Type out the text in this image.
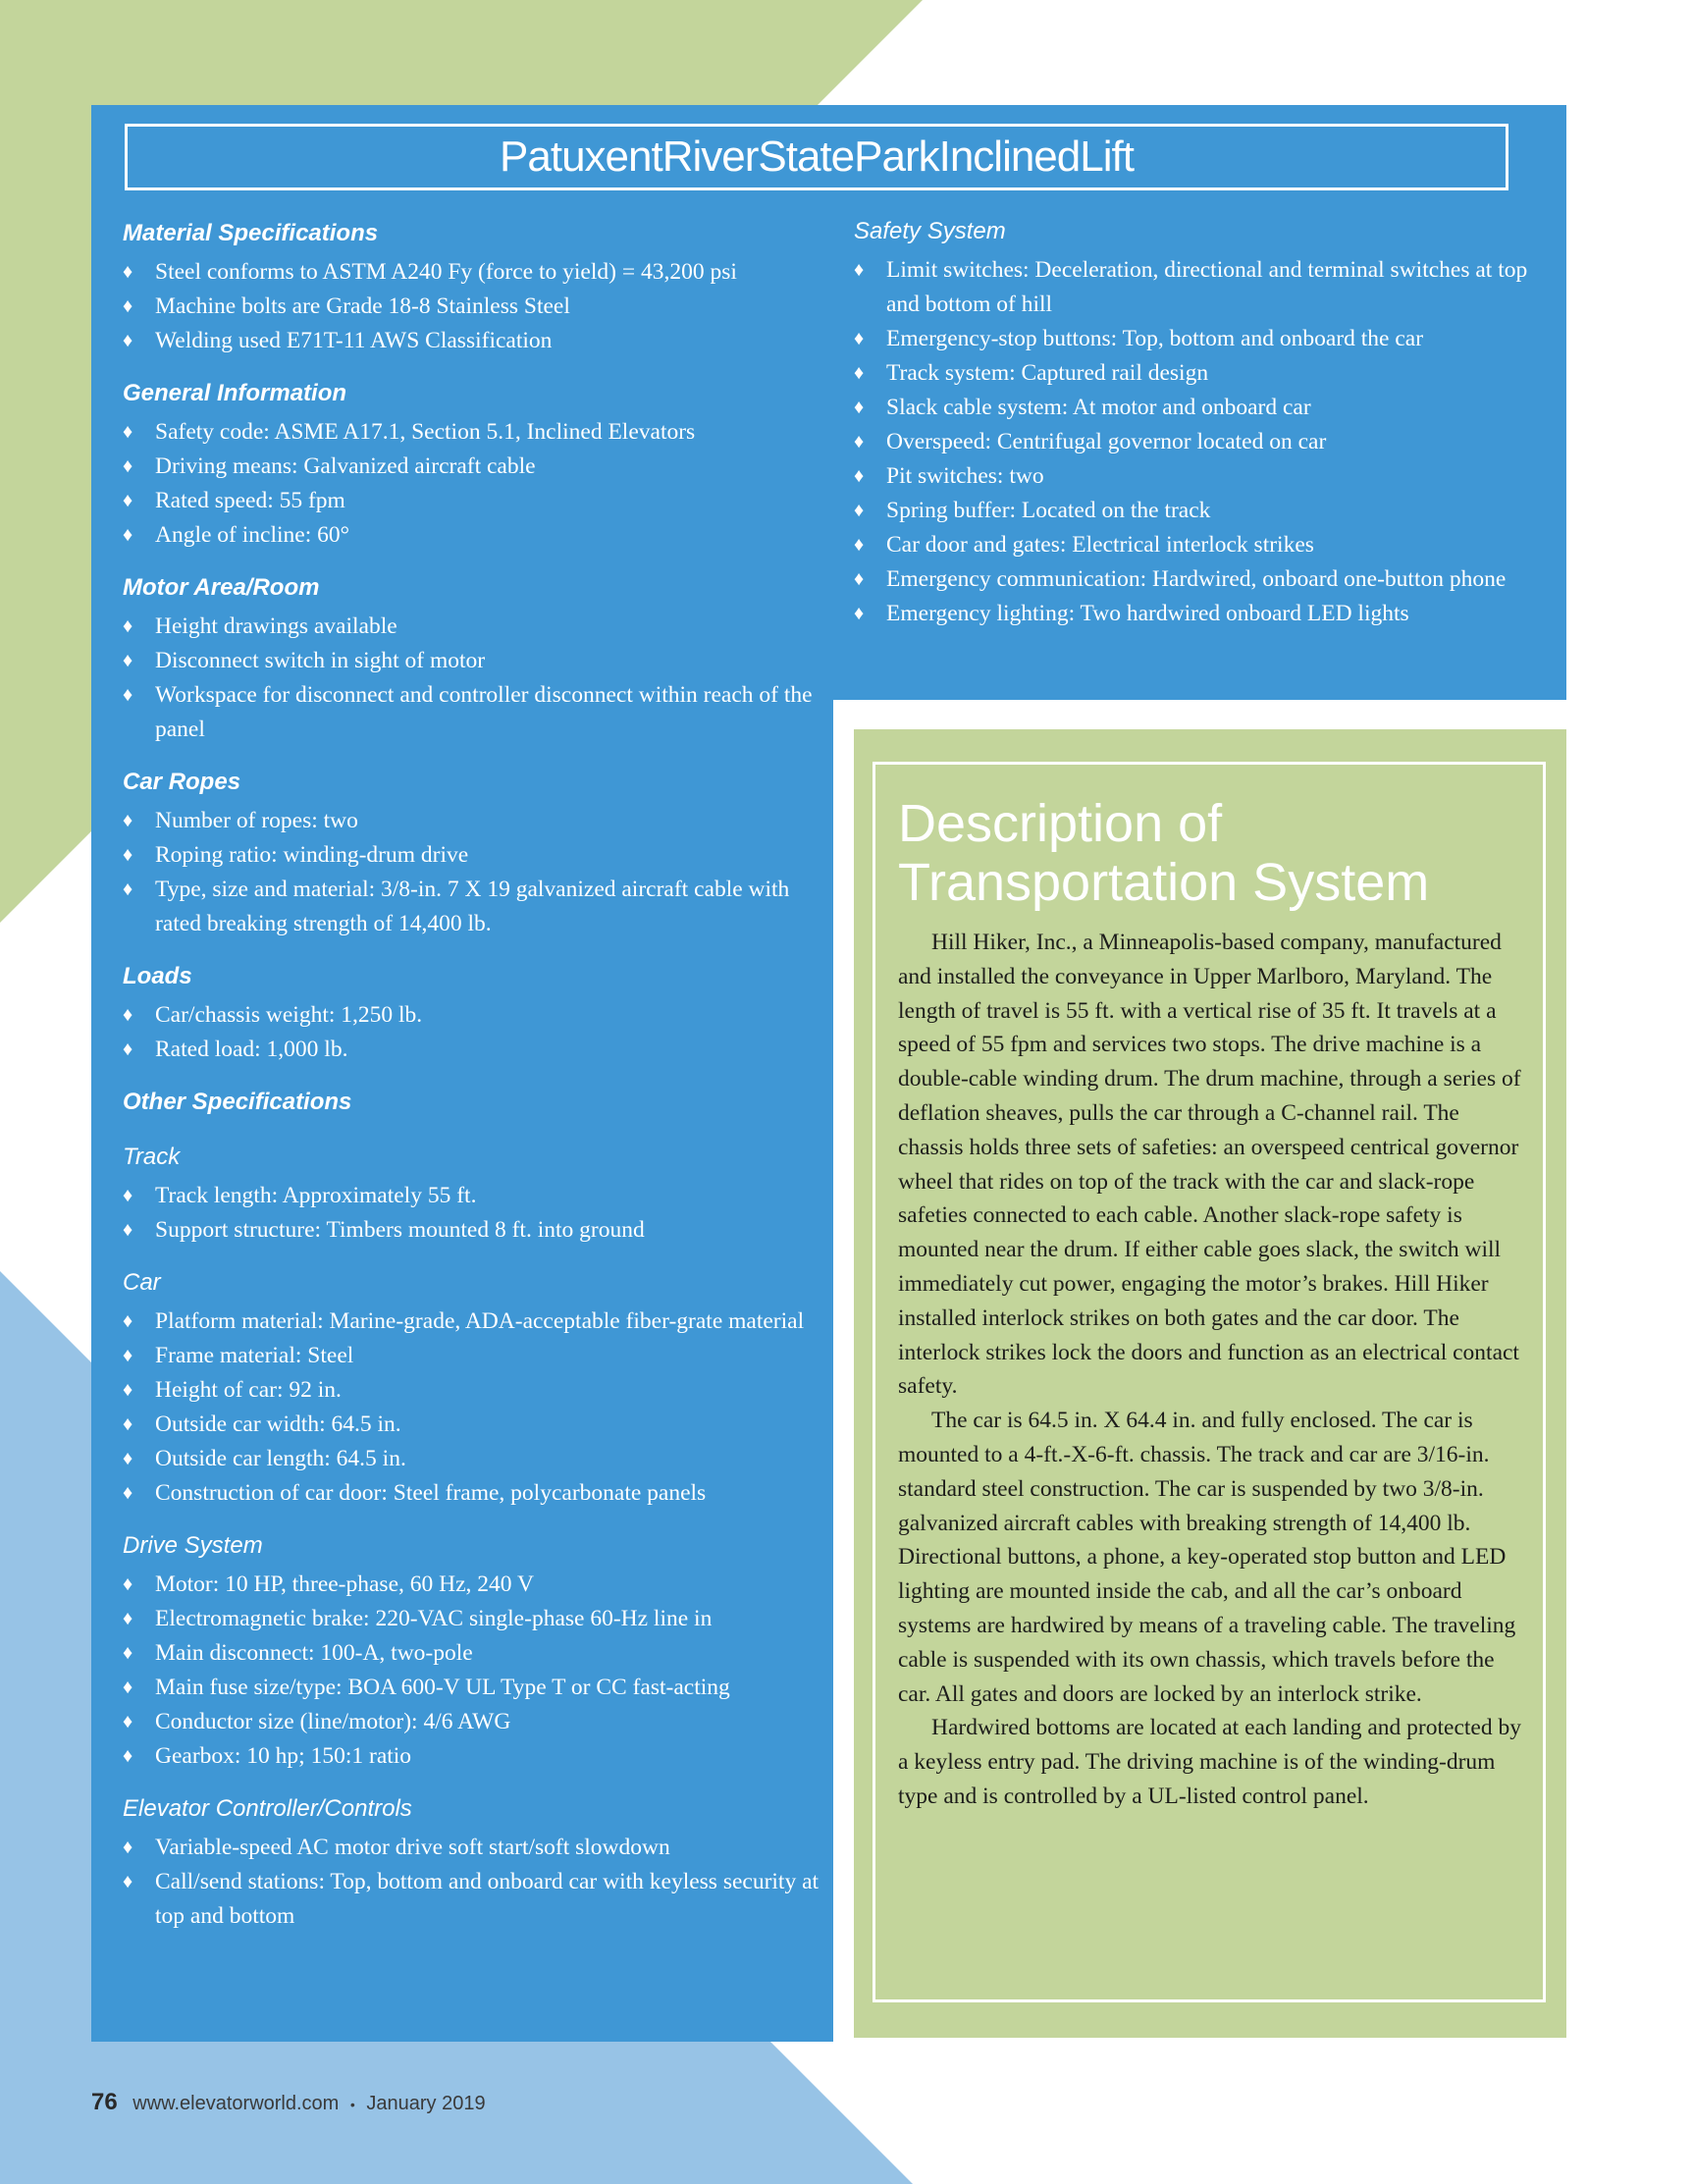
PatuxentRiverStateParkInclinedLift
Material Specifications
♦ Steel conforms to ASTM A240 Fy (force to yield) = 43,200 psi
♦ Machine bolts are Grade 18-8 Stainless Steel
♦ Welding used E71T-11 AWS Classification
General Information
♦ Safety code: ASME A17.1, Section 5.1, Inclined Elevators
♦ Driving means: Galvanized aircraft cable
♦ Rated speed: 55 fpm
♦ Angle of incline: 60°
Motor Area/Room
♦ Height drawings available
♦ Disconnect switch in sight of motor
♦ Workspace for disconnect and controller disconnect within reach of the panel
Car Ropes
♦ Number of ropes: two
♦ Roping ratio: winding-drum drive
♦ Type, size and material: 3/8-in. 7 X 19 galvanized aircraft cable with rated breaking strength of 14,400 lb.
Loads
♦ Car/chassis weight: 1,250 lb.
♦ Rated load: 1,000 lb.
Other Specifications
Track
♦ Track length: Approximately 55 ft.
♦ Support structure: Timbers mounted 8 ft. into ground
Car
♦ Platform material: Marine-grade, ADA-acceptable fiber-grate material
♦ Frame material: Steel
♦ Height of car: 92 in.
♦ Outside car width: 64.5 in.
♦ Outside car length: 64.5 in.
♦ Construction of car door: Steel frame, polycarbonate panels
Drive System
♦ Motor: 10 HP, three-phase, 60 Hz, 240 V
♦ Electromagnetic brake: 220-VAC single-phase 60-Hz line in
♦ Main disconnect: 100-A, two-pole
♦ Main fuse size/type: BOA 600-V UL Type T or CC fast-acting
♦ Conductor size (line/motor): 4/6 AWG
♦ Gearbox: 10 hp; 150:1 ratio
Elevator Controller/Controls
♦ Variable-speed AC motor drive soft start/soft slowdown
♦ Call/send stations: Top, bottom and onboard car with keyless security at top and bottom
Safety System
♦ Limit switches: Deceleration, directional and terminal switches at top and bottom of hill
♦ Emergency-stop buttons: Top, bottom and onboard the car
♦ Track system: Captured rail design
♦ Slack cable system: At motor and onboard car
♦ Overspeed: Centrifugal governor located on car
♦ Pit switches: two
♦ Spring buffer: Located on the track
♦ Car door and gates: Electrical interlock strikes
♦ Emergency communication: Hardwired, onboard one-button phone
♦ Emergency lighting: Two hardwired onboard LED lights
Description of
Transportation System

Hill Hiker, Inc., a Minneapolis-based company, manufactured and installed the conveyance in Upper Marlboro, Maryland. The length of travel is 55 ft. with a vertical rise of 35 ft. It travels at a speed of 55 fpm and services two stops. The drive machine is a double-cable winding drum. The drum machine, through a series of deflation sheaves, pulls the car through a C-channel rail. The chassis holds three sets of safeties: an overspeed centrical governor wheel that rides on top of the track with the car and slack-rope safeties connected to each cable. Another slack-rope safety is mounted near the drum. If either cable goes slack, the switch will immediately cut power, engaging the motor’s brakes. Hill Hiker installed interlock strikes on both gates and the car door. The interlock strikes lock the doors and function as an electrical contact safety.

The car is 64.5 in. X 64.4 in. and fully enclosed. The car is mounted to a 4-ft.-X-6-ft. chassis. The track and car are 3/16-in. standard steel construction. The car is suspended by two 3/8-in. galvanized aircraft cables with breaking strength of 14,400 lb. Directional buttons, a phone, a key-operated stop button and LED lighting are mounted inside the cab, and all the car’s onboard systems are hardwired by means of a traveling cable. The traveling cable is suspended with its own chassis, which travels before the car. All gates and doors are locked by an interlock strike.

Hardwired bottoms are located at each landing and protected by a keyless entry pad. The driving machine is of the winding-drum type and is controlled by a UL-listed control panel.

76 www.elevatorworld.com • January 2019
